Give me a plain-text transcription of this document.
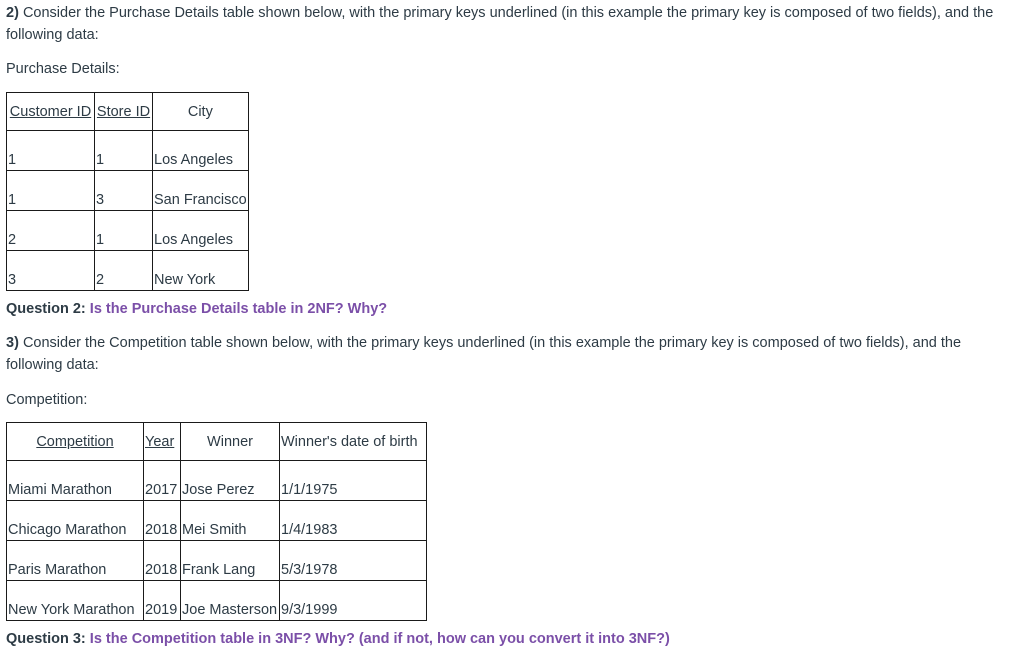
2) Consider the Purchase Details table shown below, with the primary keys underlined (in this example the primary key is composed of two fields), and the following data:

Purchase Details:

Customer ID	Store ID	City
1	1	Los Angeles
1	3	San Francisco
2	1	Los Angeles
3	2	New York

Question 2: Is the Purchase Details table in 2NF? Why?

3) Consider the Competition table shown below, with the primary keys underlined (in this example the primary key is composed of two fields), and the following data:

Competition:

Competition	Year	Winner	Winner's date of birth
Miami Marathon	2017	Jose Perez	1/1/1975
Chicago Marathon	2018	Mei Smith	1/4/1983
Paris Marathon	2018	Frank Lang	5/3/1978
New York Marathon	2019	Joe Masterson	9/3/1999

Question 3: Is the Competition table in 3NF? Why? (and if not, how can you convert it into 3NF?)
